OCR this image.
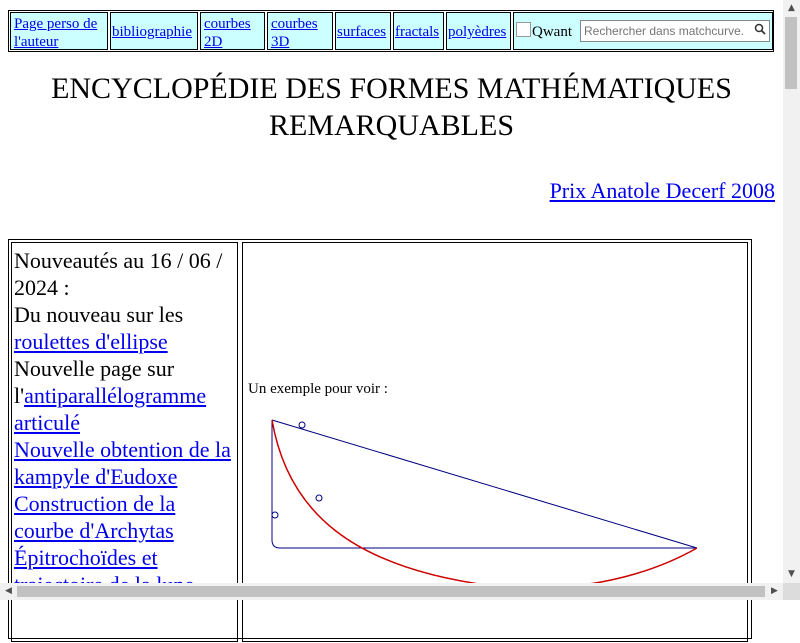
Page perso de l'auteur
bibliographie courbes 2D
courbes 3D
surfaces fractals polyèdres	Qwant
Rechercher dans matchcurve.
ENCYCLOPÉDIE DES FORMES MATHÉMATIQUES REMARQUABLES
Prix Anatole Decerf 2008
Nouveautés au 16 / 06 / 2024 :
Du nouveau sur les roulettes d'ellipse
Nouvelle page sur l'antiparallélogramme articulé
Nouvelle obtention de la kampyle d'Eudoxe
Construction de la courbe d'Archytas
Épitrochoïdes et
Un exemple pour voir :
▲
▼
◀	▶
